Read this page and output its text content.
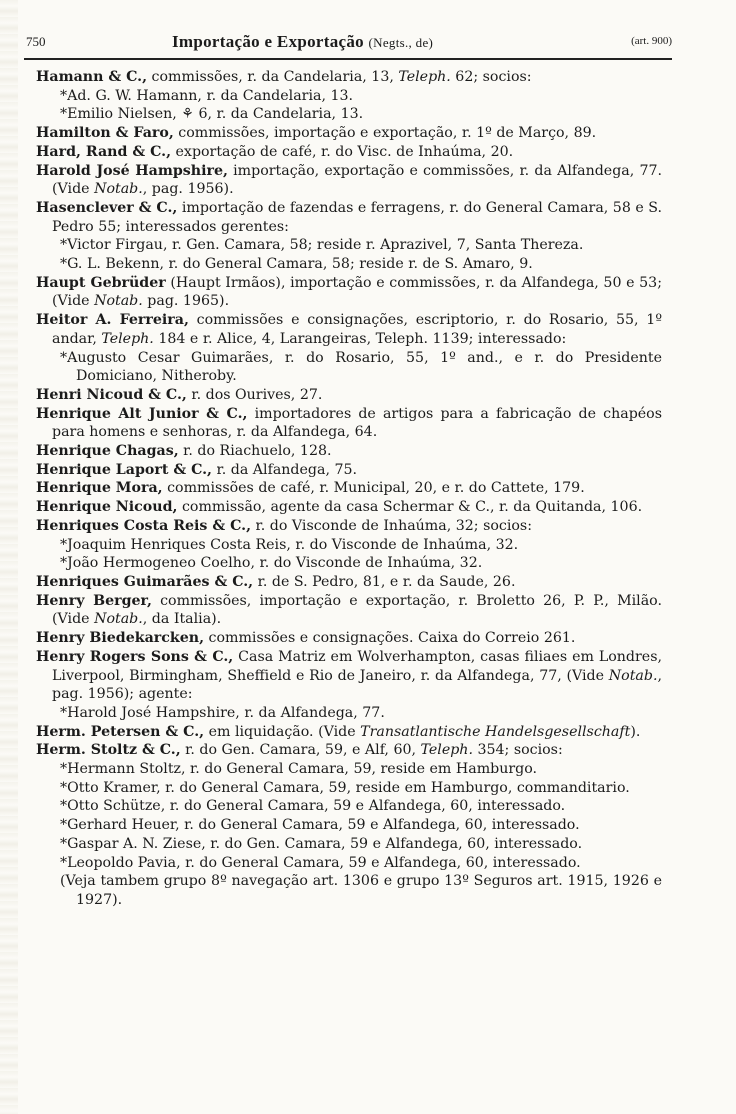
750	Importação e Exportação (Negts., de)	(art. 900)
Hamann & C., commissões, r. da Candelaria, 13, Teleph. 62; socios:
*Ad. G. W. Hamann, r. da Candelaria, 13.
*Emilio Nielsen, ⚘ 6, r. da Candelaria, 13.
Hamilton & Faro, commissões, importação e exportação, r. 1º de Março, 89.
Hard, Rand & C., exportação de café, r. do Visc. de Inhaúma, 20.
Harold José Hampshire, importação, exportação e commissões, r. da Alfandega, 77. (Vide Notab., pag. 1956).
Hasenclever & C., importação de fazendas e ferragens, r. do General Camara, 58 e S. Pedro 55; interessados gerentes:
*Victor Firgau, r. Gen. Camara, 58; reside r. Aprazivel, 7, Santa Thereza.
*G. L. Bekenn, r. do General Camara, 58; reside r. de S. Amaro, 9.
Haupt Gebrüder (Haupt Irmãos), importação e commissões, r. da Alfandega, 50 e 53; (Vide Notab. pag. 1965).
Heitor A. Ferreira, commissões e consignações, escriptorio, r. do Rosario, 55, 1º andar, Teleph. 184 e r. Alice, 4, Larangeiras, Teleph. 1139; interessado:
*Augusto Cesar Guimarães, r. do Rosario, 55, 1º and., e r. do Presidente Domiciano, Nitheroby.
Henri Nicoud & C., r. dos Ourives, 27.
Henrique Alt Junior & C., importadores de artigos para a fabricação de chapéos para homens e senhoras, r. da Alfandega, 64.
Henrique Chagas, r. do Riachuelo, 128.
Henrique Laport & C., r. da Alfandega, 75.
Henrique Mora, commissões de café, r. Municipal, 20, e r. do Cattete, 179.
Henrique Nicoud, commissão, agente da casa Schermar & C., r. da Quitanda, 106.
Henriques Costa Reis & C., r. do Visconde de Inhaúma, 32; socios:
*Joaquim Henriques Costa Reis, r. do Visconde de Inhaúma, 32.
*João Hermogeneo Coelho, r. do Visconde de Inhaúma, 32.
Henriques Guimarães & C., r. de S. Pedro, 81, e r. da Saude, 26.
Henry Berger, commissões, importação e exportação, r. Broletto 26, P. P., Milão. (Vide Notab., da Italia).
Henry Biedekarcken, commissões e consignações. Caixa do Correio 261.
Henry Rogers Sons & C., Casa Matriz em Wolverhampton, casas filiaes em Londres, Liverpool, Birmingham, Sheffield e Rio de Janeiro, r. da Alfandega, 77, (Vide Notab., pag. 1956); agente:
*Harold José Hampshire, r. da Alfandega, 77.
Herm. Petersen & C., em liquidação. (Vide Transatlantische Handelsgesellschaft).
Herm. Stoltz & C., r. do Gen. Camara, 59, e Alf, 60, Teleph. 354; socios:
*Hermann Stoltz, r. do General Camara, 59, reside em Hamburgo.
*Otto Kramer, r. do General Camara, 59, reside em Hamburgo, commanditario.
*Otto Schütze, r. do General Camara, 59 e Alfandega, 60, interessado.
*Gerhard Heuer, r. do General Camara, 59 e Alfandega, 60, interessado.
*Gaspar A. N. Ziese, r. do Gen. Camara, 59 e Alfandega, 60, interessado.
*Leopoldo Pavia, r. do General Camara, 59 e Alfandega, 60, interessado.
(Veja tambem grupo 8º navegação art. 1306 e grupo 13º Seguros art. 1915, 1926 e 1927).
